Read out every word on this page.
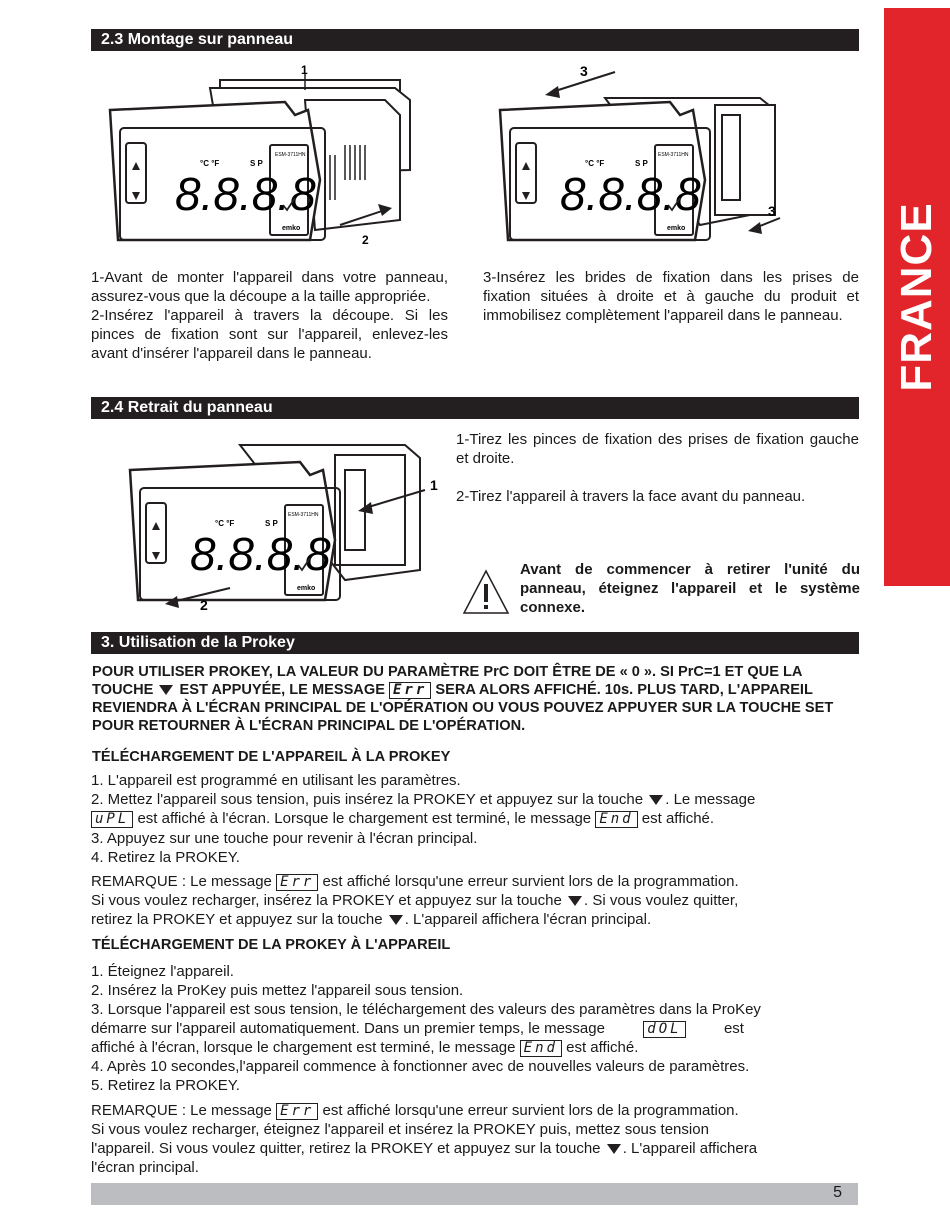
FRANCE
2.3 Montage sur panneau
8.8.8.8
°C °F	S P
ESM-3711HN
emko
1
2
8.8.8.8
°C °F	S P
ESM-3711HN
emko
3
3

1-Avant de monter l'appareil dans votre panneau, assurez-vous que la découpe a la taille appropriée.

2-Insérez l'appareil à travers la découpe. Si les pinces de fixation sont sur l'appareil, enlevez-les avant d'insérer l'appareil dans le panneau.

3-Insérez les brides de fixation dans les prises de fixation situées à droite et à gauche du produit et immobilisez complètement l'appareil dans le panneau.

2.4 Retrait du panneau
8.8.8.8
°C °F	S P
ESM-3711HN
emko
1
2

1-Tirez les pinces de fixation des prises de fixation gauche et droite.

2-Tirez l'appareil à travers la face avant du panneau.

Avant de commencer à retirer l'unité du panneau, éteignez l'appareil et le système connexe.
3. Utilisation de la Prokey
POUR UTILISER PROKEY, LA VALEUR DU PARAMÈTRE PrC DOIT ÊTRE DE « 0 ». SI PrC=1 ET QUE LA TOUCHE EST APPUYÉE, LE MESSAGE Err SERA ALORS AFFICHÉ. 10s. PLUS TARD, L'APPAREIL REVIENDRA À L'ÉCRAN PRINCIPAL DE L'OPÉRATION OU VOUS POUVEZ APPUYER SUR LA TOUCHE SET POUR RETOURNER À L'ÉCRAN PRINCIPAL DE L'OPÉRATION.
TÉLÉCHARGEMENT DE L'APPAREIL À LA PROKEY
1. L'appareil est programmé en utilisant les paramètres.
2. Mettez l'appareil sous tension, puis insérez la PROKEY et appuyez sur la touche . Le message
uPL est affiché à l'écran. Lorsque le chargement est terminé, le message End est affiché.
3. Appuyez sur une touche pour revenir à l'écran principal.
4. Retirez la PROKEY.
REMARQUE : Le message Err est affiché lorsqu'une erreur survient lors de la programmation.
Si vous voulez recharger, insérez la PROKEY et appuyez sur la touche . Si vous voulez quitter,
retirez la PROKEY et appuyez sur la touche . L'appareil affichera l'écran principal.
TÉLÉCHARGEMENT DE LA PROKEY À L'APPAREIL
1. Éteignez l'appareil.
2. Insérez la ProKey puis mettez l'appareil sous tension.
3. Lorsque l'appareil est sous tension, le téléchargement des valeurs des paramètres dans la ProKey
démarre sur l'appareil automatiquement. Dans un premier temps, le message	dOL	est
affiché à l'écran, lorsque le chargement est terminé, le message End est affiché.
4. Après 10 secondes,l'appareil commence à fonctionner avec de nouvelles valeurs de paramètres.
5. Retirez la PROKEY.
REMARQUE : Le message Err est affiché lorsqu'une erreur survient lors de la programmation.
Si vous voulez recharger, éteignez l'appareil et insérez la PROKEY puis, mettez sous tension
l'appareil. Si vous voulez quitter, retirez la PROKEY et appuyez sur la touche . L'appareil affichera
l'écran principal.
5
